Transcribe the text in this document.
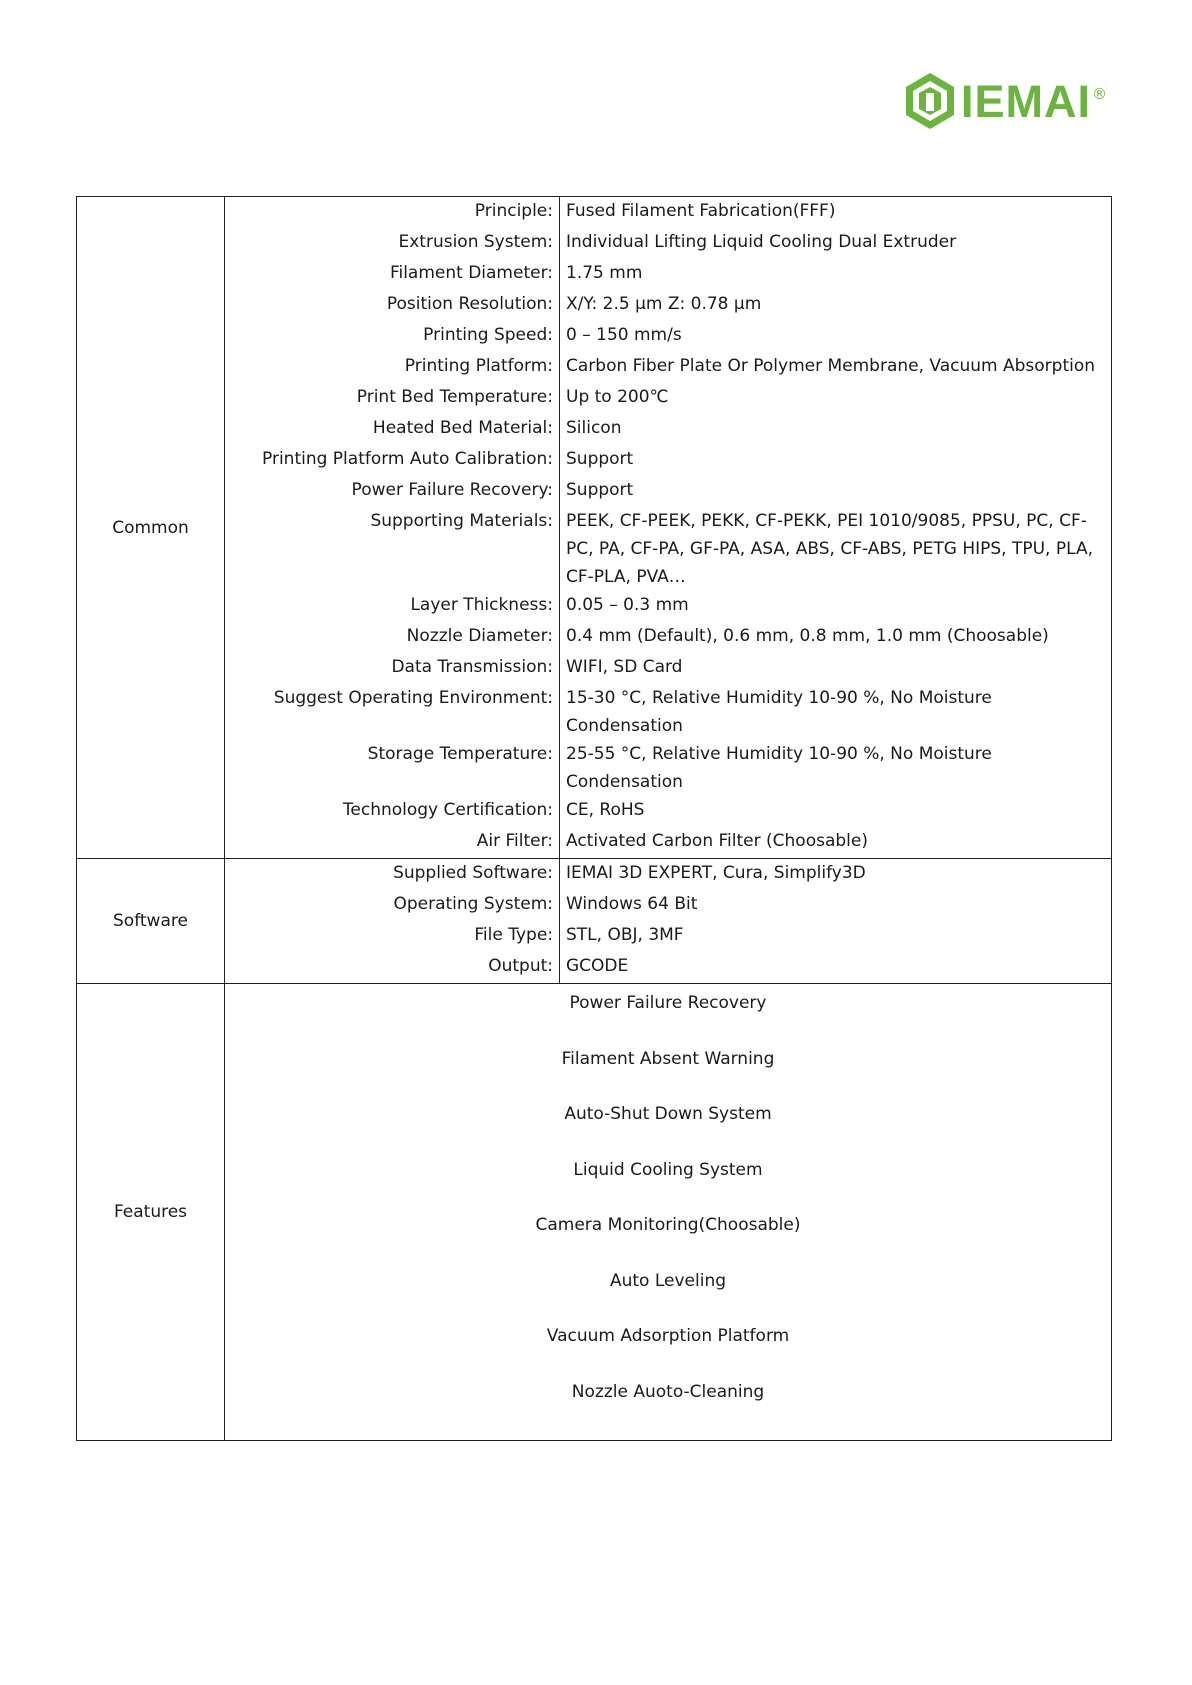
IEMAI ®
Common
Principle: Fused Filament Fabrication(FFF)
Extrusion System: Individual Lifting Liquid Cooling Dual Extruder
Filament Diameter: 1.75 mm
Position Resolution: X/Y: 2.5 µm Z: 0.78 µm
Printing Speed: 0 – 150 mm/s
Printing Platform: Carbon Fiber Plate Or Polymer Membrane, Vacuum Absorption
Print Bed Temperature: Up to 200℃
Heated Bed Material: Silicon
Printing Platform Auto Calibration: Support
Power Failure Recovery: Support
Supporting Materials: PEEK, CF-PEEK, PEKK, CF-PEKK, PEI 1010/9085, PPSU, PC, CF-PC, PA, CF-PA, GF-PA, ASA, ABS, CF-ABS, PETG HIPS, TPU, PLA, CF-PLA, PVA…
Layer Thickness: 0.05 – 0.3 mm
Nozzle Diameter: 0.4 mm (Default), 0.6 mm, 0.8 mm, 1.0 mm (Choosable)
Data Transmission: WIFI, SD Card
Suggest Operating Environment: 15-30 °C, Relative Humidity 10-90 %, No Moisture Condensation
Storage Temperature: 25-55 °C, Relative Humidity 10-90 %, No Moisture Condensation
Technology Certification: CE, RoHS
Air Filter: Activated Carbon Filter (Choosable)
Software
Supplied Software: IEMAI 3D EXPERT, Cura, Simplify3D
Operating System: Windows 64 Bit
File Type: STL, OBJ, 3MF
Output: GCODE
Features
Power Failure Recovery
Filament Absent Warning
Auto-Shut Down System
Liquid Cooling System
Camera Monitoring(Choosable)
Auto Leveling
Vacuum Adsorption Platform
Nozzle Auoto-Cleaning
